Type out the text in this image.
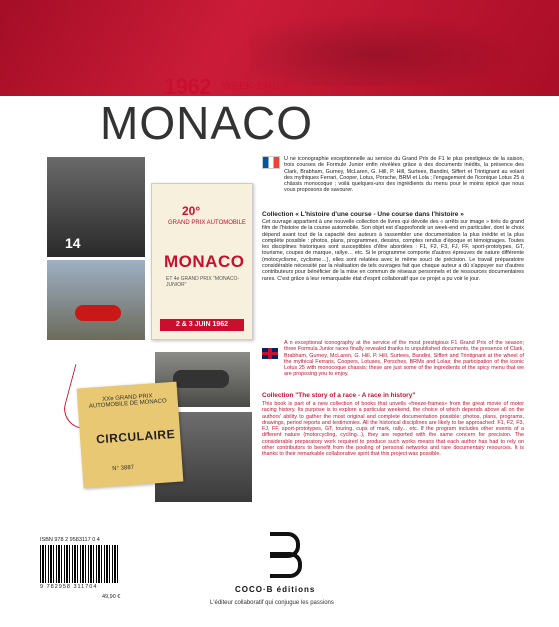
1962 WEEK-END À
MONACO
14
20°
GRAND PRIX AUTOMOBILE
MONACO
ET 4e GRAND PRIX "MONACO-JUNIOR"
2 & 3 JUIN 1962
XXe GRAND PRIX AUTOMOBILE DE MONACO
CIRCULAIRE
N° 3887
U ne iconographie exceptionnelle au service du Grand Prix de F1 le plus prestigieux de la saison, trois courses de Formule Junior enfin révélées grâce à des documents inédits, la présence des Clark, Brabham, Gurney, McLaren, G. Hill, P. Hill, Surtees, Bandini, Siffert et Trintignant au volant des mythiques Ferrari, Cooper, Lotus, Porsche, BRM et Lola ; l'engagement de l'iconique Lotus 25 à châssis monocoque ; voilà quelques-uns des ingrédients du menu pour le moins épicé que nous vous proposons de savourer.
Collection « L'histoire d'une course - Une course dans l'histoire »
Cet ouvrage appartient à une nouvelle collection de livres qui dévoile des « arrêts sur image » tirés du grand film de l'histoire de la course automobile. Son objet est d'approfondir un week-end en particulier, dont le choix dépend avant tout de la capacité des auteurs à rassembler une documentation la plus inédite et la plus complète possible : photos, plans, programmes, dessins, comptes rendus d'époque et témoignages. Toutes les disciplines historiques sont susceptibles d'être abordées : F1, F2, F3, FJ, FF, sport-prototypes, GT, tourisme, coupes de marque, rallye… etc. Si le programme comporte d'autres épreuves de nature différente (motocyclisme, cyclisme…), elles sont relatées avec le même souci de précision. Le travail préparatoire considérable nécessité par la réalisation de tels ouvrages fait que chaque auteur a dû s'appuyer sur d'autres contributeurs pour bénéficier de la mise en commun de réseaux personnels et de ressources documentaires rares. C'est grâce à leur remarquable état d'esprit collaboratif que ce projet a pu voir le jour.
A n exceptional iconography at the service of the most prestigious F1 Grand Prix of the season; three Formula Junior races finally revealed thanks to unpublished documents, the presence of Clark, Brabham, Gurney, McLaren, G. Hill, P. Hill, Surtees, Bandini, Siffert and Trintignant at the wheel of the mythical Ferraris, Coopers, Lotuses, Porsches, BRMs and Lolas; the participation of the iconic Lotus 25 with monocoque chassis; these are just some of the ingredients of the spicy menu that we are proposing you to enjoy.
Collection "The story of a race - A race in history"
This book is part of a new collection of books that unveils «freeze-frames» from the great movie of motor racing history. Its purpose is to explore a particular weekend, the choice of which depends above all on the authors' ability to gather the most original and complete documentation possible: photos, plans, programs, drawings, period reports and testimonies. All the historical disciplines are likely to be approached: F1, F2, F3, FJ, FF, sport-prototypes, GT, touring, cups of mark, rally... etc. If the program includes other events of a different nature (motorcycling, cycling...), they are reported with the same concern for precision. The considerable preparatory work required to produce such works means that each author has had to rely on other contributors to benefit from the pooling of personal networks and rare documentary resources. It is thanks to their remarkable collaborative spirit that this project was possible.
ISBN 978 2 9583117 0 4
9 782958 311704
49,90 €
COCO·B éditions
L'éditeur collaboratif qui conjugue les passions
